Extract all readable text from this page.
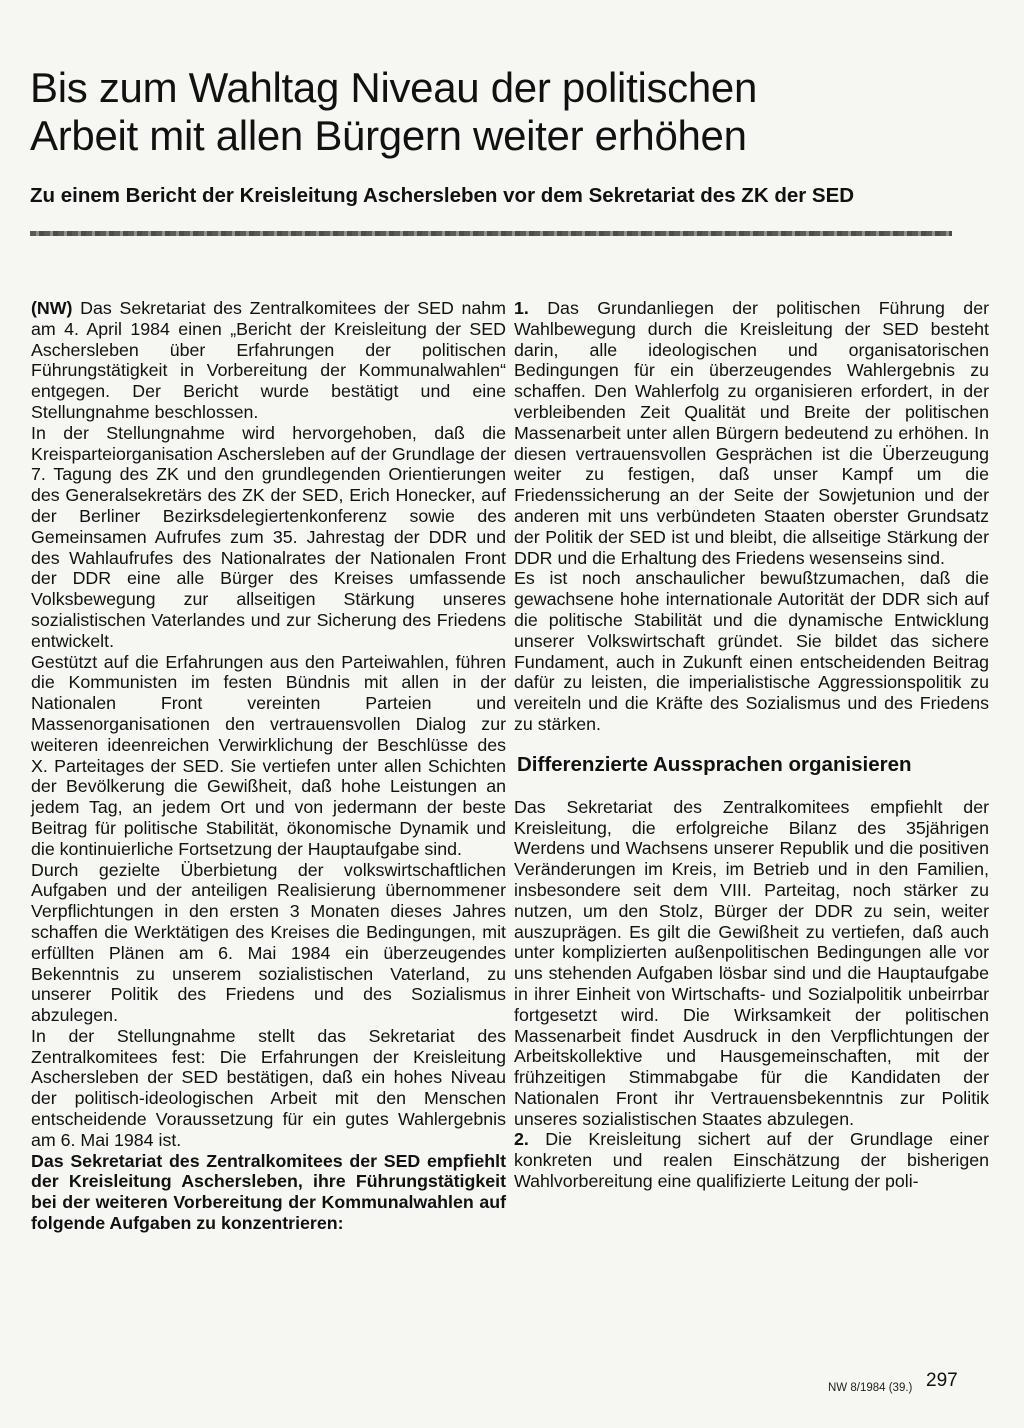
Bis zum Wahltag Niveau der politischen
Arbeit mit allen Bürgern weiter erhöhen
Zu einem Bericht der Kreisleitung Aschersleben vor dem Sekretariat des ZK der SED

(NW) Das Sekretariat des Zentralkomitees der SED nahm am 4. April 1984 einen „Bericht der Kreisleitung der SED Aschersleben über Erfahrungen der politischen Führungstätigkeit in Vorbereitung der Kommunalwahlen“ entgegen. Der Bericht wurde bestätigt und eine Stellungnahme beschlossen.

In der Stellungnahme wird hervorgehoben, daß die Kreisparteiorganisation Aschersleben auf der Grundlage der 7. Tagung des ZK und den grundlegenden Orientierungen des Generalsekretärs des ZK der SED, Erich Honecker, auf der Berliner Bezirksdelegiertenkonferenz sowie des Gemeinsamen Aufrufes zum 35. Jahrestag der DDR und des Wahlaufrufes des Nationalrates der Nationalen Front der DDR eine alle Bürger des Kreises umfassende Volksbewegung zur allseitigen Stärkung unseres sozialistischen Vaterlandes und zur Sicherung des Friedens entwickelt.

Gestützt auf die Erfahrungen aus den Parteiwahlen, führen die Kommunisten im festen Bündnis mit allen in der Nationalen Front vereinten Parteien und Massenorganisationen den vertrauensvollen Dialog zur weiteren ideenreichen Verwirklichung der Beschlüsse des X. Parteitages der SED. Sie vertiefen unter allen Schichten der Bevölkerung die Gewißheit, daß hohe Leistungen an jedem Tag, an jedem Ort und von jedermann der beste Beitrag für politische Stabilität, ökonomische Dynamik und die kontinuierliche Fortsetzung der Hauptaufgabe sind.

Durch gezielte Überbietung der volkswirtschaftlichen Aufgaben und der anteiligen Realisierung übernommener Verpflichtungen in den ersten 3 Monaten dieses Jahres schaffen die Werktätigen des Kreises die Bedingungen, mit erfüllten Plänen am 6. Mai 1984 ein überzeugendes Bekenntnis zu unserem sozialistischen Vaterland, zu unserer Politik des Friedens und des Sozialismus abzulegen.

In der Stellungnahme stellt das Sekretariat des Zentralkomitees fest: Die Erfahrungen der Kreisleitung Aschersleben der SED bestätigen, daß ein hohes Niveau der politisch-ideologischen Arbeit mit den Menschen entscheidende Voraussetzung für ein gutes Wahlergebnis am 6. Mai 1984 ist.

Das Sekretariat des Zentralkomitees der SED empfiehlt der Kreisleitung Aschersleben, ihre Führungstätigkeit bei der weiteren Vorbereitung der Kommunalwahlen auf folgende Aufgaben zu konzentrieren:

1. Das Grundanliegen der politischen Führung der Wahlbewegung durch die Kreisleitung der SED besteht darin, alle ideologischen und organisatorischen Bedingungen für ein überzeugendes Wahlergebnis zu schaffen. Den Wahlerfolg zu organisieren erfordert, in der verbleibenden Zeit Qualität und Breite der politischen Massenarbeit unter allen Bürgern bedeutend zu erhöhen. In diesen vertrauensvollen Gesprächen ist die Überzeugung weiter zu festigen, daß unser Kampf um die Friedenssicherung an der Seite der Sowjetunion und der anderen mit uns verbündeten Staaten oberster Grundsatz der Politik der SED ist und bleibt, die allseitige Stärkung der DDR und die Erhaltung des Friedens wesenseins sind.

Es ist noch anschaulicher bewußtzumachen, daß die gewachsene hohe internationale Autorität der DDR sich auf die politische Stabilität und die dynamische Entwicklung unserer Volkswirtschaft gründet. Sie bildet das sichere Fundament, auch in Zukunft einen entscheidenden Beitrag dafür zu leisten, die imperialistische Aggressionspolitik zu vereiteln und die Kräfte des Sozialismus und des Friedens zu stärken.

Differenzierte Aussprachen organisieren

Das Sekretariat des Zentralkomitees empfiehlt der Kreisleitung, die erfolgreiche Bilanz des 35jährigen Werdens und Wachsens unserer Republik und die positiven Veränderungen im Kreis, im Betrieb und in den Familien, insbesondere seit dem VIII. Parteitag, noch stärker zu nutzen, um den Stolz, Bürger der DDR zu sein, weiter auszuprägen. Es gilt die Gewißheit zu vertiefen, daß auch unter komplizierten außenpolitischen Bedingungen alle vor uns stehenden Aufgaben lösbar sind und die Hauptaufgabe in ihrer Einheit von Wirtschafts- und Sozialpolitik unbeirrbar fortgesetzt wird. Die Wirksamkeit der politischen Massenarbeit findet Ausdruck in den Verpflichtungen der Arbeitskollektive und Hausgemeinschaften, mit der frühzeitigen Stimmabgabe für die Kandidaten der Nationalen Front ihr Vertrauensbekenntnis zur Politik unseres sozialistischen Staates abzulegen.

2. Die Kreisleitung sichert auf der Grundlage einer konkreten und realen Einschätzung der bisherigen Wahlvorbereitung eine qualifizierte Leitung der poli-

NW 8/1984 (39.) 297
